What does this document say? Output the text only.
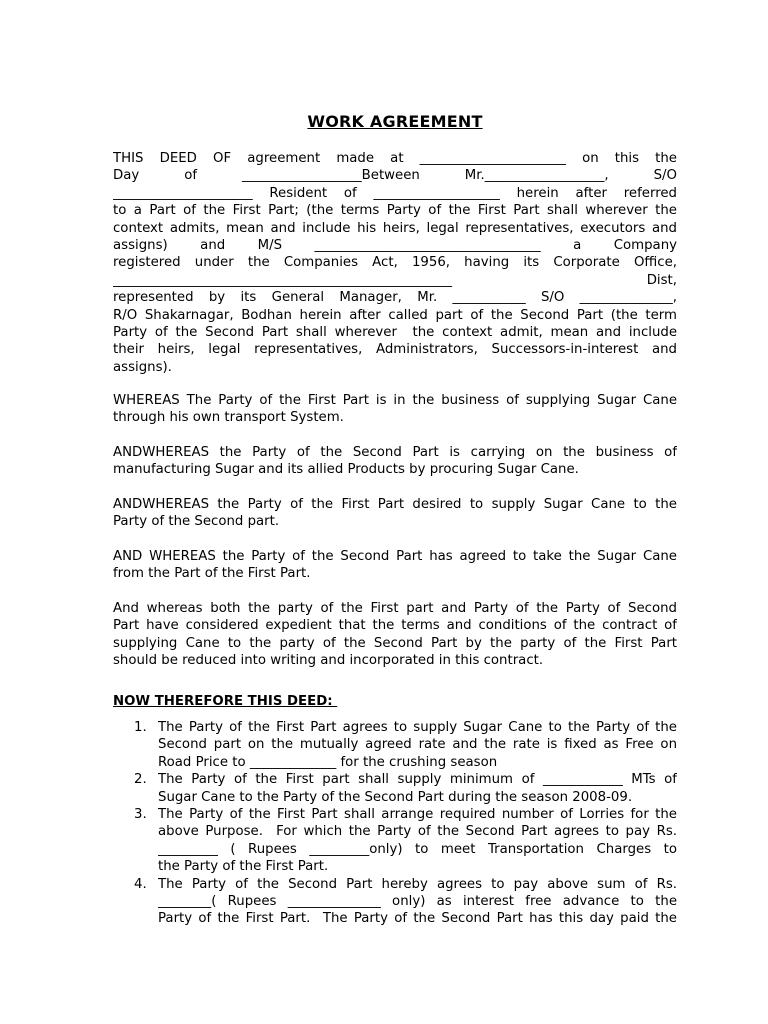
WORK AGREEMENT
THIS DEED OF agreement made at ______________________ on this the
Day of __________________Between Mr.__________________, S/O
_____________________ Resident of ___________________ herein after referred
to a Part of the First Part; (the terms Party of the First Part shall wherever the
context admits, mean and include his heirs, legal representatives, executors and
assigns) and M/S __________________________________ a Company
registered under the Companies Act, 1956, having its Corporate Office,
___________________________________________________ Dist,
represented by its General Manager, Mr. ___________ S/O ______________,
R/O Shakarnagar, Bodhan herein after called part of the Second Part (the term
Party of the Second Part shall wherever  the context admit, mean and include
their heirs, legal representatives, Administrators, Successors-in-interest and
assigns).
WHEREAS The Party of the First Part is in the business of supplying Sugar Cane
through his own transport System.
ANDWHEREAS the Party of the Second Part is carrying on the business of
manufacturing Sugar and its allied Products by procuring Sugar Cane.
ANDWHEREAS the Party of the First Part desired to supply Sugar Cane to the
Party of the Second part.
AND WHEREAS the Party of the Second Part has agreed to take the Sugar Cane
from the Part of the First Part.
And whereas both the party of the First part and Party of the Party of Second
Part have considered expedient that the terms and conditions of the contract of
supplying Cane to the party of the Second Part by the party of the First Part
should be reduced into writing and incorporated in this contract.
NOW THEREFORE THIS DEED:
1. The Party of the First Part agrees to supply Sugar Cane to the Party of the
Second part on the mutually agreed rate and the rate is fixed as Free on
Road Price to _____________ for the crushing season
2. The Party of the First part shall supply minimum of ____________ MTs of
Sugar Cane to the Party of the Second Part during the season 2008-09.
3. The Party of the First Part shall arrange required number of Lorries for the
above Purpose.  For which the Party of the Second Part agrees to pay Rs.
_________ ( Rupees _________only) to meet Transportation Charges to
the Party of the First Part.
4. The Party of the Second Part hereby agrees to pay above sum of Rs.
________( Rupees ______________ only) as interest free advance to the
Party of the First Part.  The Party of the Second Part has this day paid the
